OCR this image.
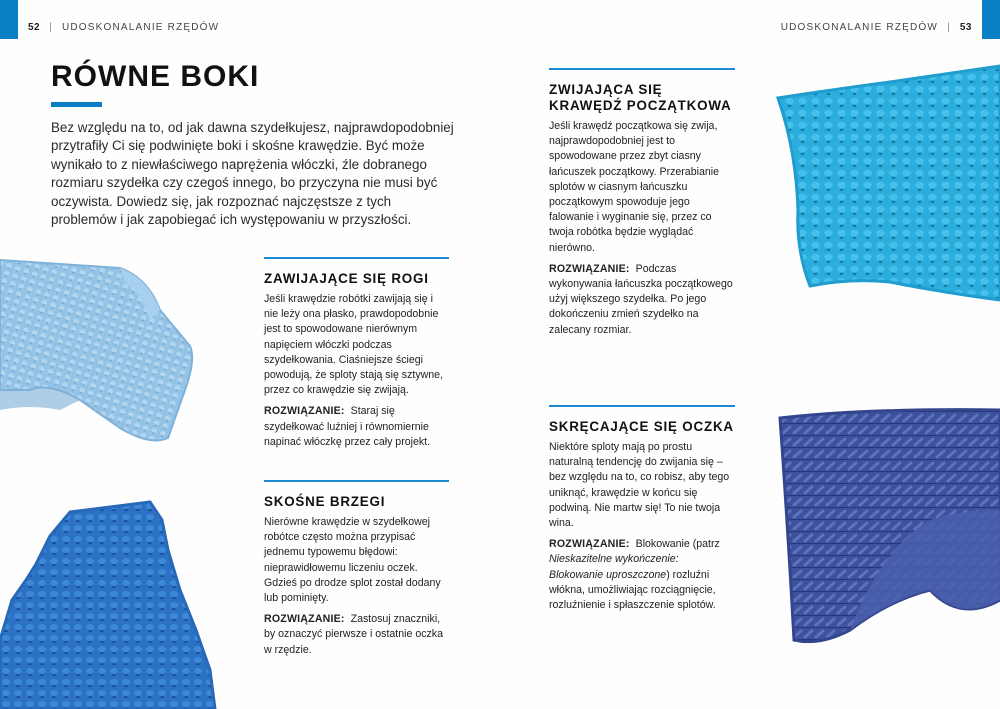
52 | UDOSKONALANIE RZĘDÓW	UDOSKONALANIE RZĘDÓW | 53
RÓWNE BOKI

Bez względu na to, od jak dawna szydełkujesz, najprawdopodobniej przytrafiły Ci się podwinięte boki i skośne krawędzie. Być może wynikało to z niewłaściwego naprężenia włóczki, źle dobranego rozmiaru szydełka czy czegoś innego, bo przyczyna nie musi być oczywista. Dowiedz się, jak rozpoznać najczęstsze z tych problemów i jak zapobiegać ich występowaniu w przyszłości.

ZAWIJAJĄCE SIĘ ROGI

Jeśli krawędzie robótki zawijają się i nie leży ona płasko, prawdopodobnie jest to spowodowane nierównym napięciem włóczki podczas szydełkowania. Ciaśniejsze ściegi powodują, że sploty stają się sztywne, przez co krawędzie się zwijają.

ROZWIĄZANIE: Staraj się szydełkować luźniej i równomiernie napinać włóczkę przez cały projekt.

SKOŚNE BRZEGI

Nierówne krawędzie w szydełkowej robótce często można przypisać jednemu typowemu błędowi: nieprawidłowemu liczeniu oczek. Gdzieś po drodze splot został dodany lub pominięty.

ROZWIĄZANIE: Zastosuj znaczniki, by oznaczyć pierwsze i ostatnie oczka w rzędzie.

ZWIJAJĄCA SIĘ KRAWĘDŹ POCZĄTKOWA

Jeśli krawędź początkowa się zwija, najprawdopodobniej jest to spowodowane przez zbyt ciasny łańcuszek początkowy. Przerabianie splotów w ciasnym łańcuszku początkowym spowoduje jego falowanie i wyginanie się, przez co twoja robótka będzie wyglądać nierówno.

ROZWIĄZANIE: Podczas wykonywania łańcuszka początkowego użyj większego szydełka. Po jego dokończeniu zmień szydełko na zalecany rozmiar.

SKRĘCAJĄCE SIĘ OCZKA

Niektóre sploty mają po prostu naturalną tendencję do zwijania się – bez względu na to, co robisz, aby tego uniknąć, krawędzie w końcu się podwiną. Nie martw się! To nie twoja wina.

ROZWIĄZANIE: Blokowanie (patrz Nieskazitelne wykończenie: Blokowanie uproszczone) rozluźni włókna, umożliwiając rozciągnięcie, rozluźnienie i spłaszczenie splotów.
